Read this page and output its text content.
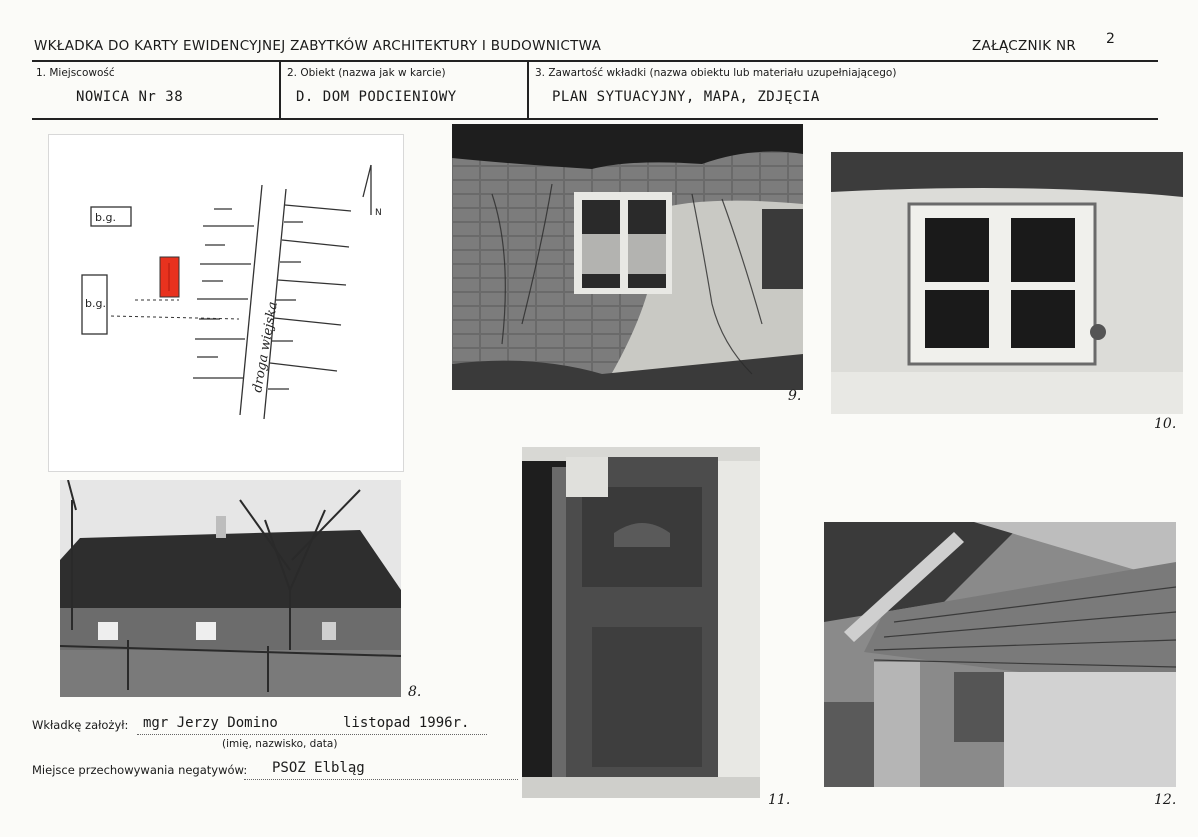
WKŁADKA DO KARTY EWIDENCYJNEJ ZABYTKÓW ARCHITEKTURY I BUDOWNICTWA	ZAŁĄCZNIK NR 2
1. Miejscowość
NOWICA Nr 38
2. Obiekt (nazwa jak w karcie)
D. DOM PODCIENIOWY
3. Zawartość wkładki (nazwa obiektu lub materiału uzupełniającego)
PLAN SYTUACYJNY, MAPA, ZDJĘCIA
b.g.
b.g.
N
droga wiejska
9.
10.
8.
11.	12.
Wkładkę założył: mgr Jerzy Domino	listopad 1996r.
(imię, nazwisko, data)
Miejsce przechowywania negatywów: PSOZ Elbląg
